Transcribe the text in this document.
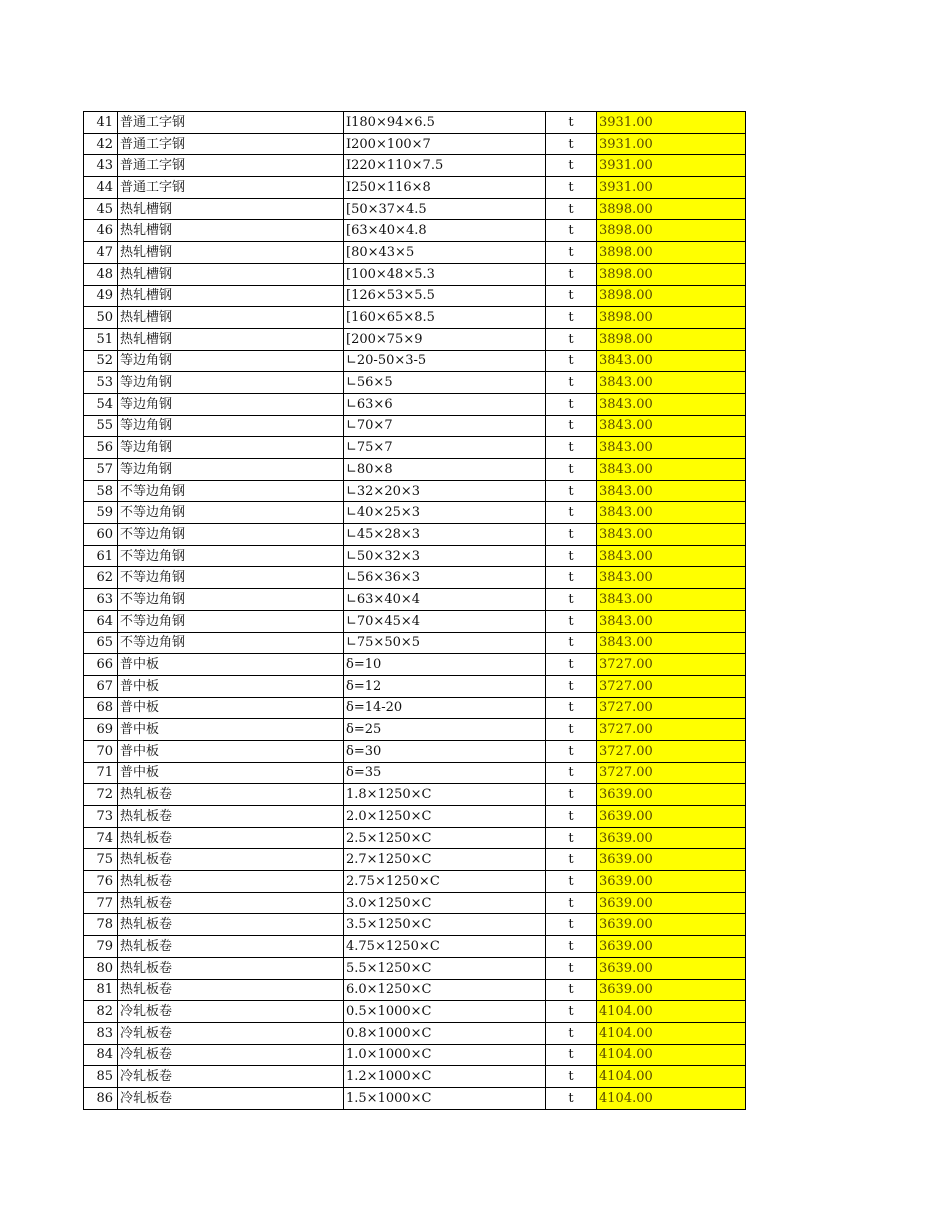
41	普通工字钢	I180×94×6.5	t	3931.00
42	普通工字钢	I200×100×7	t	3931.00
43	普通工字钢	I220×110×7.5	t	3931.00
44	普通工字钢	I250×116×8	t	3931.00
45	热轧槽钢	[50×37×4.5	t	3898.00
46	热轧槽钢	[63×40×4.8	t	3898.00
47	热轧槽钢	[80×43×5	t	3898.00
48	热轧槽钢	[100×48×5.3	t	3898.00
49	热轧槽钢	[126×53×5.5	t	3898.00
50	热轧槽钢	[160×65×8.5	t	3898.00
51	热轧槽钢	[200×75×9	t	3898.00
52	等边角钢	∟20-50×3-5	t	3843.00
53	等边角钢	∟56×5	t	3843.00
54	等边角钢	∟63×6	t	3843.00
55	等边角钢	∟70×7	t	3843.00
56	等边角钢	∟75×7	t	3843.00
57	等边角钢	∟80×8	t	3843.00
58	不等边角钢	∟32×20×3	t	3843.00
59	不等边角钢	∟40×25×3	t	3843.00
60	不等边角钢	∟45×28×3	t	3843.00
61	不等边角钢	∟50×32×3	t	3843.00
62	不等边角钢	∟56×36×3	t	3843.00
63	不等边角钢	∟63×40×4	t	3843.00
64	不等边角钢	∟70×45×4	t	3843.00
65	不等边角钢	∟75×50×5	t	3843.00
66	普中板	δ=10	t	3727.00
67	普中板	δ=12	t	3727.00
68	普中板	δ=14-20	t	3727.00
69	普中板	δ=25	t	3727.00
70	普中板	δ=30	t	3727.00
71	普中板	δ=35	t	3727.00
72	热轧板卷	1.8×1250×C	t	3639.00
73	热轧板卷	2.0×1250×C	t	3639.00
74	热轧板卷	2.5×1250×C	t	3639.00
75	热轧板卷	2.7×1250×C	t	3639.00
76	热轧板卷	2.75×1250×C	t	3639.00
77	热轧板卷	3.0×1250×C	t	3639.00
78	热轧板卷	3.5×1250×C	t	3639.00
79	热轧板卷	4.75×1250×C	t	3639.00
80	热轧板卷	5.5×1250×C	t	3639.00
81	热轧板卷	6.0×1250×C	t	3639.00
82	冷轧板卷	0.5×1000×C	t	4104.00
83	冷轧板卷	0.8×1000×C	t	4104.00
84	冷轧板卷	1.0×1000×C	t	4104.00
85	冷轧板卷	1.2×1000×C	t	4104.00
86	冷轧板卷	1.5×1000×C	t	4104.00
